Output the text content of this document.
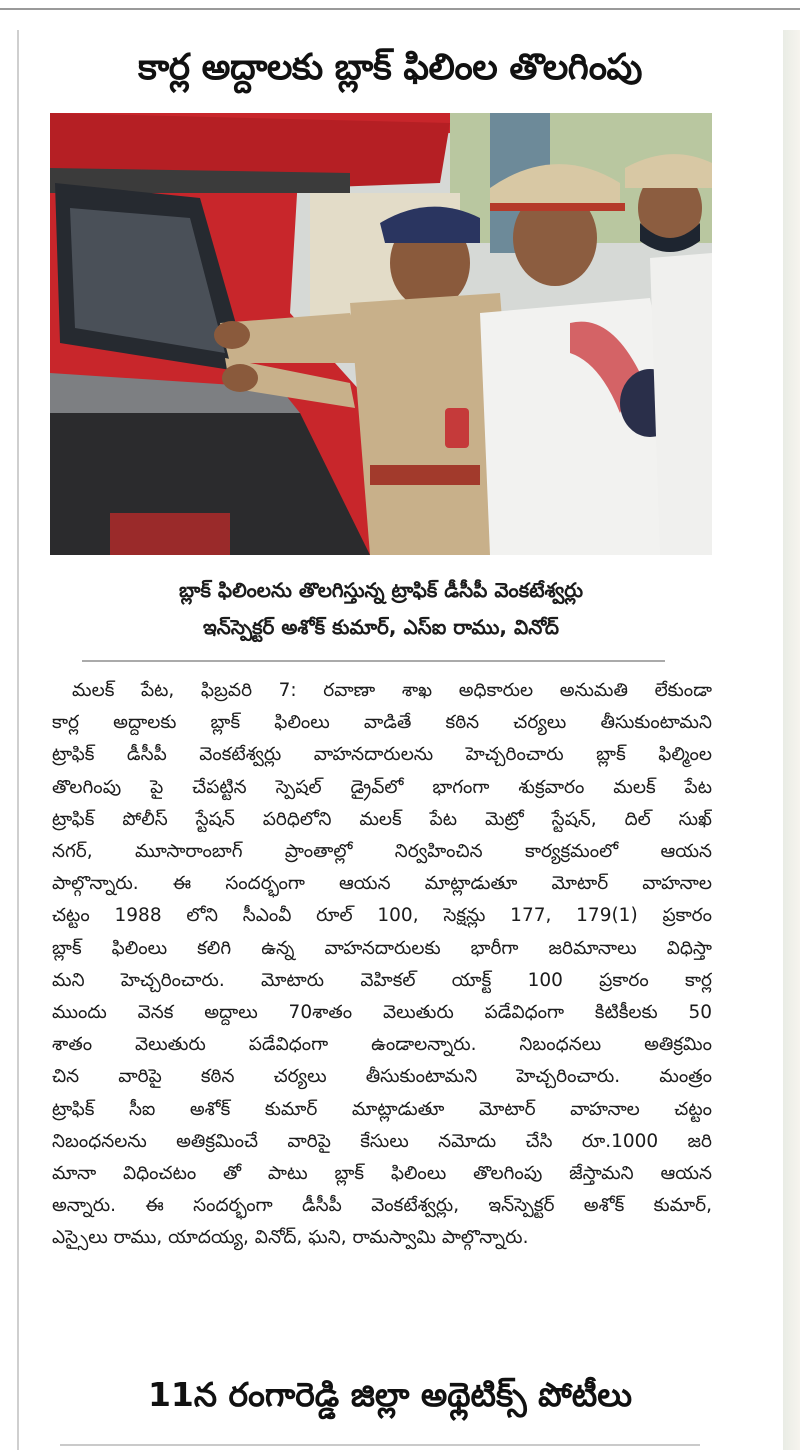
కార్ల అద్దాలకు బ్లాక్ ఫిలింల తొలగింపు
బ్లాక్ ఫిలింలను తొలగిస్తున్న ట్రాఫిక్ డీసీపీ వెంకటేశ్వర్లు
ఇన్‌స్పెక్టర్ అశోక్ కుమార్, ఎస్ఐ రాము, వినోద్
మలక్ పేట, ఫిబ్రవరి 7: రవాణా శాఖ అధికారుల అనుమతి లేకుండా
కార్ల అద్దాలకు బ్లాక్ ఫిలింలు వాడితే కఠిన చర్యలు తీసుకుంటామని
ట్రాఫిక్ డీసీపీ వెంకటేశ్వర్లు వాహనదారులను హెచ్చరించారు బ్లాక్ ఫిల్మింల
తొలగింపు పై చేపట్టిన స్పెషల్ డ్రైవ్‌లో భాగంగా శుక్రవారం మలక్ పేట
ట్రాఫిక్ పోలీస్ స్టేషన్ పరిధిలోని మలక్ పేట మెట్రో స్టేషన్, దిల్ సుఖ్
నగర్, మూసారాంబాగ్ ప్రాంతాల్లో నిర్వహించిన కార్యక్రమంలో ఆయన
పాల్గొన్నారు. ఈ సందర్భంగా ఆయన మాట్లాడుతూ మోటార్ వాహనాల
చట్టం 1988 లోని సీఎంవీ రూల్ 100, సెక్షన్లు 177, 179(1) ప్రకారం
బ్లాక్ ఫిలింలు కలిగి ఉన్న వాహనదారులకు భారీగా జరిమానాలు విధిస్తా
మని హెచ్చరించారు. మోటారు వెహికల్ యాక్ట్ 100 ప్రకారం కార్ల
ముందు వెనక అద్దాలు 70శాతం వెలుతురు పడేవిధంగా కిటికీలకు 50
శాతం వెలుతురు పడేవిధంగా ఉండాలన్నారు. నిబంధనలు అతిక్రమిం
చిన వారిపై కఠిన చర్యలు తీసుకుంటామని హెచ్చరించారు. మంత్రం
ట్రాఫిక్ సీఐ అశోక్ కుమార్ మాట్లాడుతూ మోటార్ వాహనాల చట్టం
నిబంధనలను అతిక్రమించే వారిపై కేసులు నమోదు చేసి రూ.1000 జరి
మానా విధించటం తో పాటు బ్లాక్ ఫిలింలు తొలగింపు జేస్తామని ఆయన
అన్నారు. ఈ సందర్భంగా డీసీపీ వెంకటేశ్వర్లు, ఇన్‌స్పెక్టర్ అశోక్ కుమార్,
ఎస్సైలు రాము, యాదయ్య, వినోద్, ఘని, రామస్వామి పాల్గొన్నారు.
11న రంగారెడ్డి జిల్లా అథ్లెటిక్స్ పోటీలు
